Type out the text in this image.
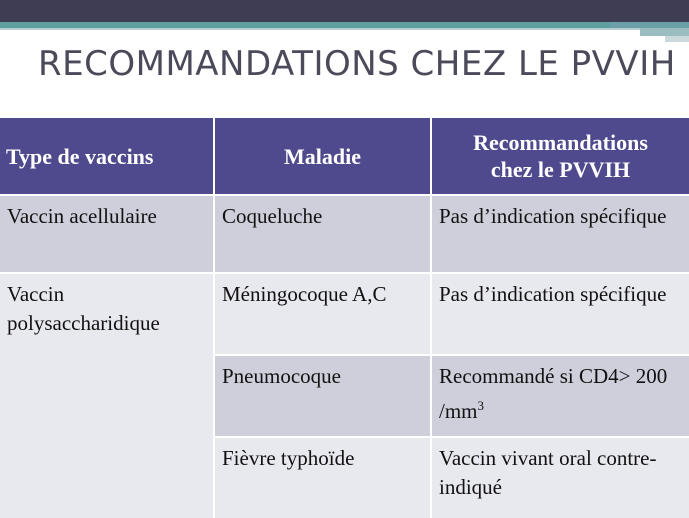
RECOMMANDATIONS CHEZ LE PVVIH
Type de vaccins	Maladie	Recommandations
chez le PVVIH
Vaccin acellulaire	Coqueluche	Pas d’indication spécifique
Vaccin polysaccharidique	Méningocoque A,C	Pas d’indication spécifique
	Pneumocoque	Recommandé si CD4> 200 $/mm^3$
	Fièvre typhoïde	Vaccin vivant oral contre-indiqué
